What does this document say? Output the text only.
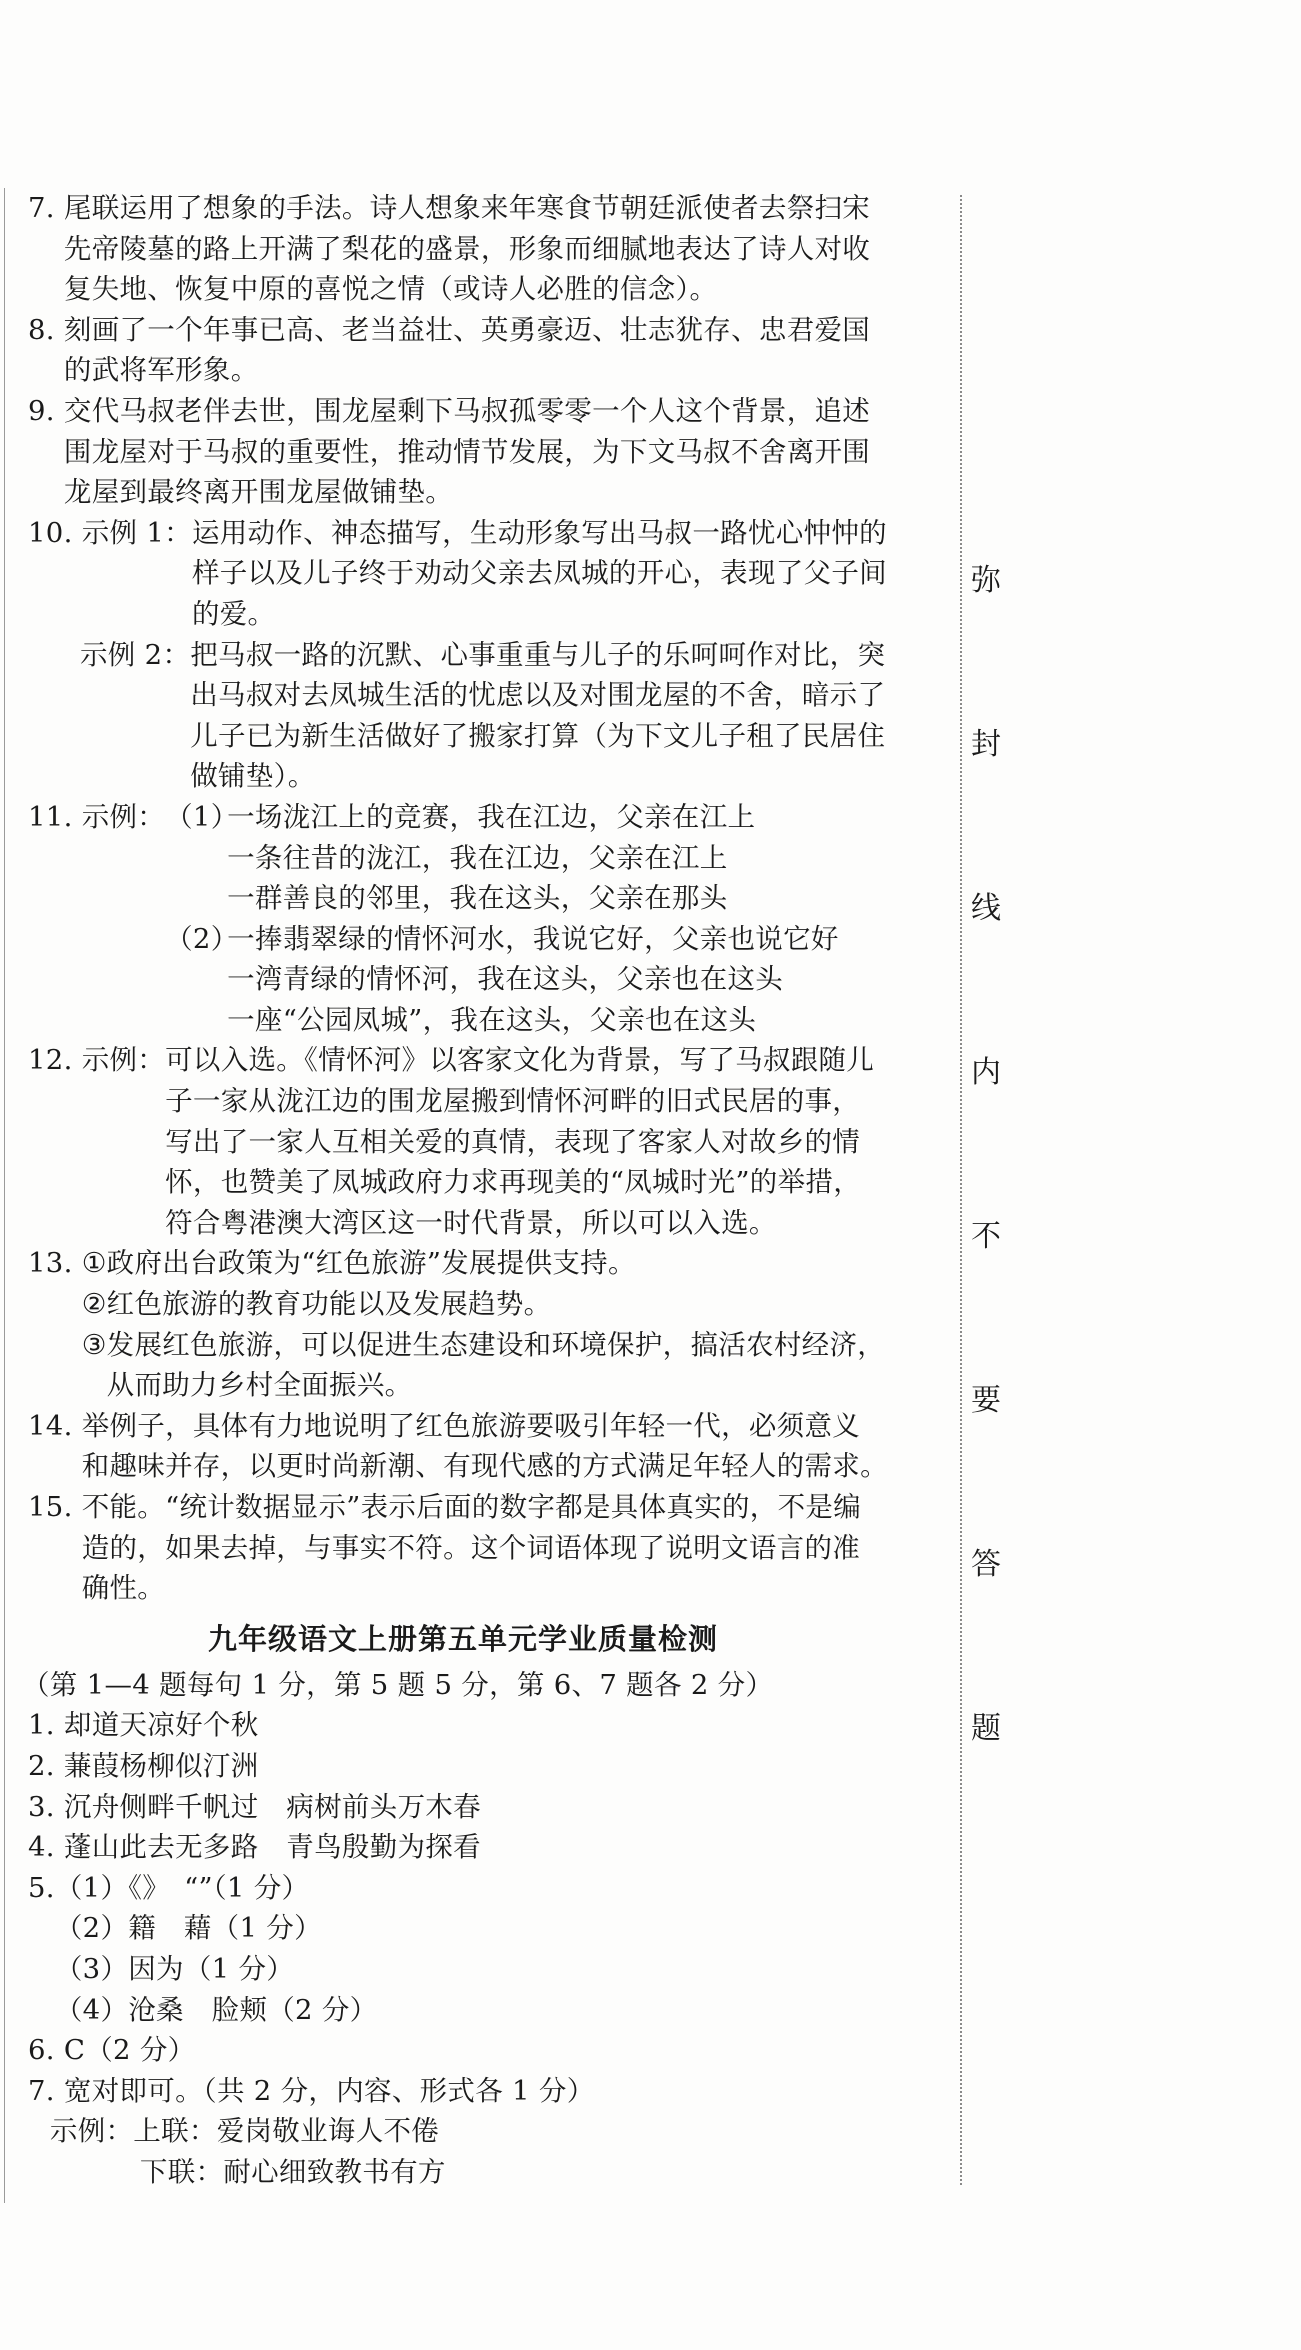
7.
尾联运用了想象的手法。诗人想象来年寒食节朝廷派使者去祭扫宋
先帝陵墓的路上开满了梨花的盛景，形象而细腻地表达了诗人对收
复失地、恢复中原的喜悦之情（或诗人必胜的信念）。
8.
刻画了一个年事已高、老当益壮、英勇豪迈、壮志犹存、忠君爱国
的武将军形象。
9.
交代马叔老伴去世，围龙屋剩下马叔孤零零一个人这个背景，追述
围龙屋对于马叔的重要性，推动情节发展，为下文马叔不舍离开围
龙屋到最终离开围龙屋做铺垫。
10.
示例 1： 运用动作、神态描写，生动形象写出马叔一路忧心忡忡的
样子以及儿子终于劝动父亲去凤城的开心，表现了父子间
的爱。
示例 2： 把马叔一路的沉默、心事重重与儿子的乐呵呵作对比，突
出马叔对去凤城生活的忧虑以及对围龙屋的不舍，暗示了
儿子已为新生活做好了搬家打算（为下文儿子租了民居住
做铺垫）。
11.
示例： （1）
一场泷江上的竞赛，我在江边，父亲在江上
一条往昔的泷江，我在江边，父亲在江上
一群善良的邻里，我在这头，父亲在那头
（2）
一捧翡翠绿的情怀河水，我说它好，父亲也说它好
一湾青绿的情怀河，我在这头，父亲也在这头
一座“公园凤城”，我在这头，父亲也在这头
12.
示例： 可以入选。《情怀河》以客家文化为背景，写了马叔跟随儿
子一家从泷江边的围龙屋搬到情怀河畔的旧式民居的事，
写出了一家人互相关爱的真情，表现了客家人对故乡的情
怀，也赞美了凤城政府力求再现美的“凤城时光”的举措，
符合粤港澳大湾区这一时代背景，所以可以入选。
13.
① 政府出台政策为“红色旅游”发展提供支持。
② 红色旅游的教育功能以及发展趋势。
③ 发展红色旅游，可以促进生态建设和环境保护，搞活农村经济，
从而助力乡村全面振兴。
14.
举例子，具体有力地说明了红色旅游要吸引年轻一代，必须意义
和趣味并存，以更时尚新潮、有现代感的方式满足年轻人的需求。
15.
不能。“统计数据显示”表示后面的数字都是具体真实的，不是编
造的，如果去掉，与事实不符。这个词语体现了说明文语言的准
确性。
九年级语文上册第五单元学业质量检测
（第 1—4 题每句 1 分，第 5 题 5 分，第 6、7 题各 2 分）
1.
却道天凉好个秋
2.
蒹葭杨柳似汀洲
3.
沉舟侧畔千帆过　病树前头万木春
4.
蓬山此去无多路　青鸟殷勤为探看
5. （1）《》　“”（1 分）
（2）籍　藉（1 分）
（3）因为（1 分）
（4）沧桑　脸颊（2 分）
6.
C（2 分）
7.
宽对即可。（共 2 分，内容、形式各 1 分）
示例：上联：爱岗敬业诲人不倦
下联：耐心细致教书有方
弥
封
线
内
不
要
答
题
